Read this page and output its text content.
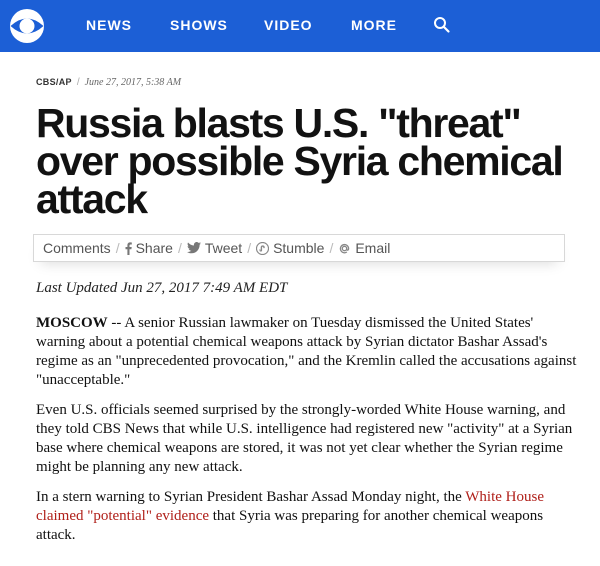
NEWS	SHOWS	VIDEO	MORE
CBS/AP / June 27, 2017, 5:38 AM
Russia blasts U.S. "threat" over possible Syria chemical attack
Comments / Share / Tweet / Stumble / Email
Last Updated Jun 27, 2017 7:49 AM EDT

MOSCOW -- A senior Russian lawmaker on Tuesday dismissed the United States' warning about a potential chemical weapons attack by Syrian dictator Bashar Assad's regime as an "unprecedented provocation," and the Kremlin called the accusations against "unacceptable."

Even U.S. officials seemed surprised by the strongly-worded White House warning, and they told CBS News that while U.S. intelligence had registered new "activity" at a Syrian base where chemical weapons are stored, it was not yet clear whether the Syrian regime might be planning any new attack.

In a stern warning to Syrian President Bashar Assad Monday night, the White House claimed "potential" evidence that Syria was preparing for another chemical weapons attack.
